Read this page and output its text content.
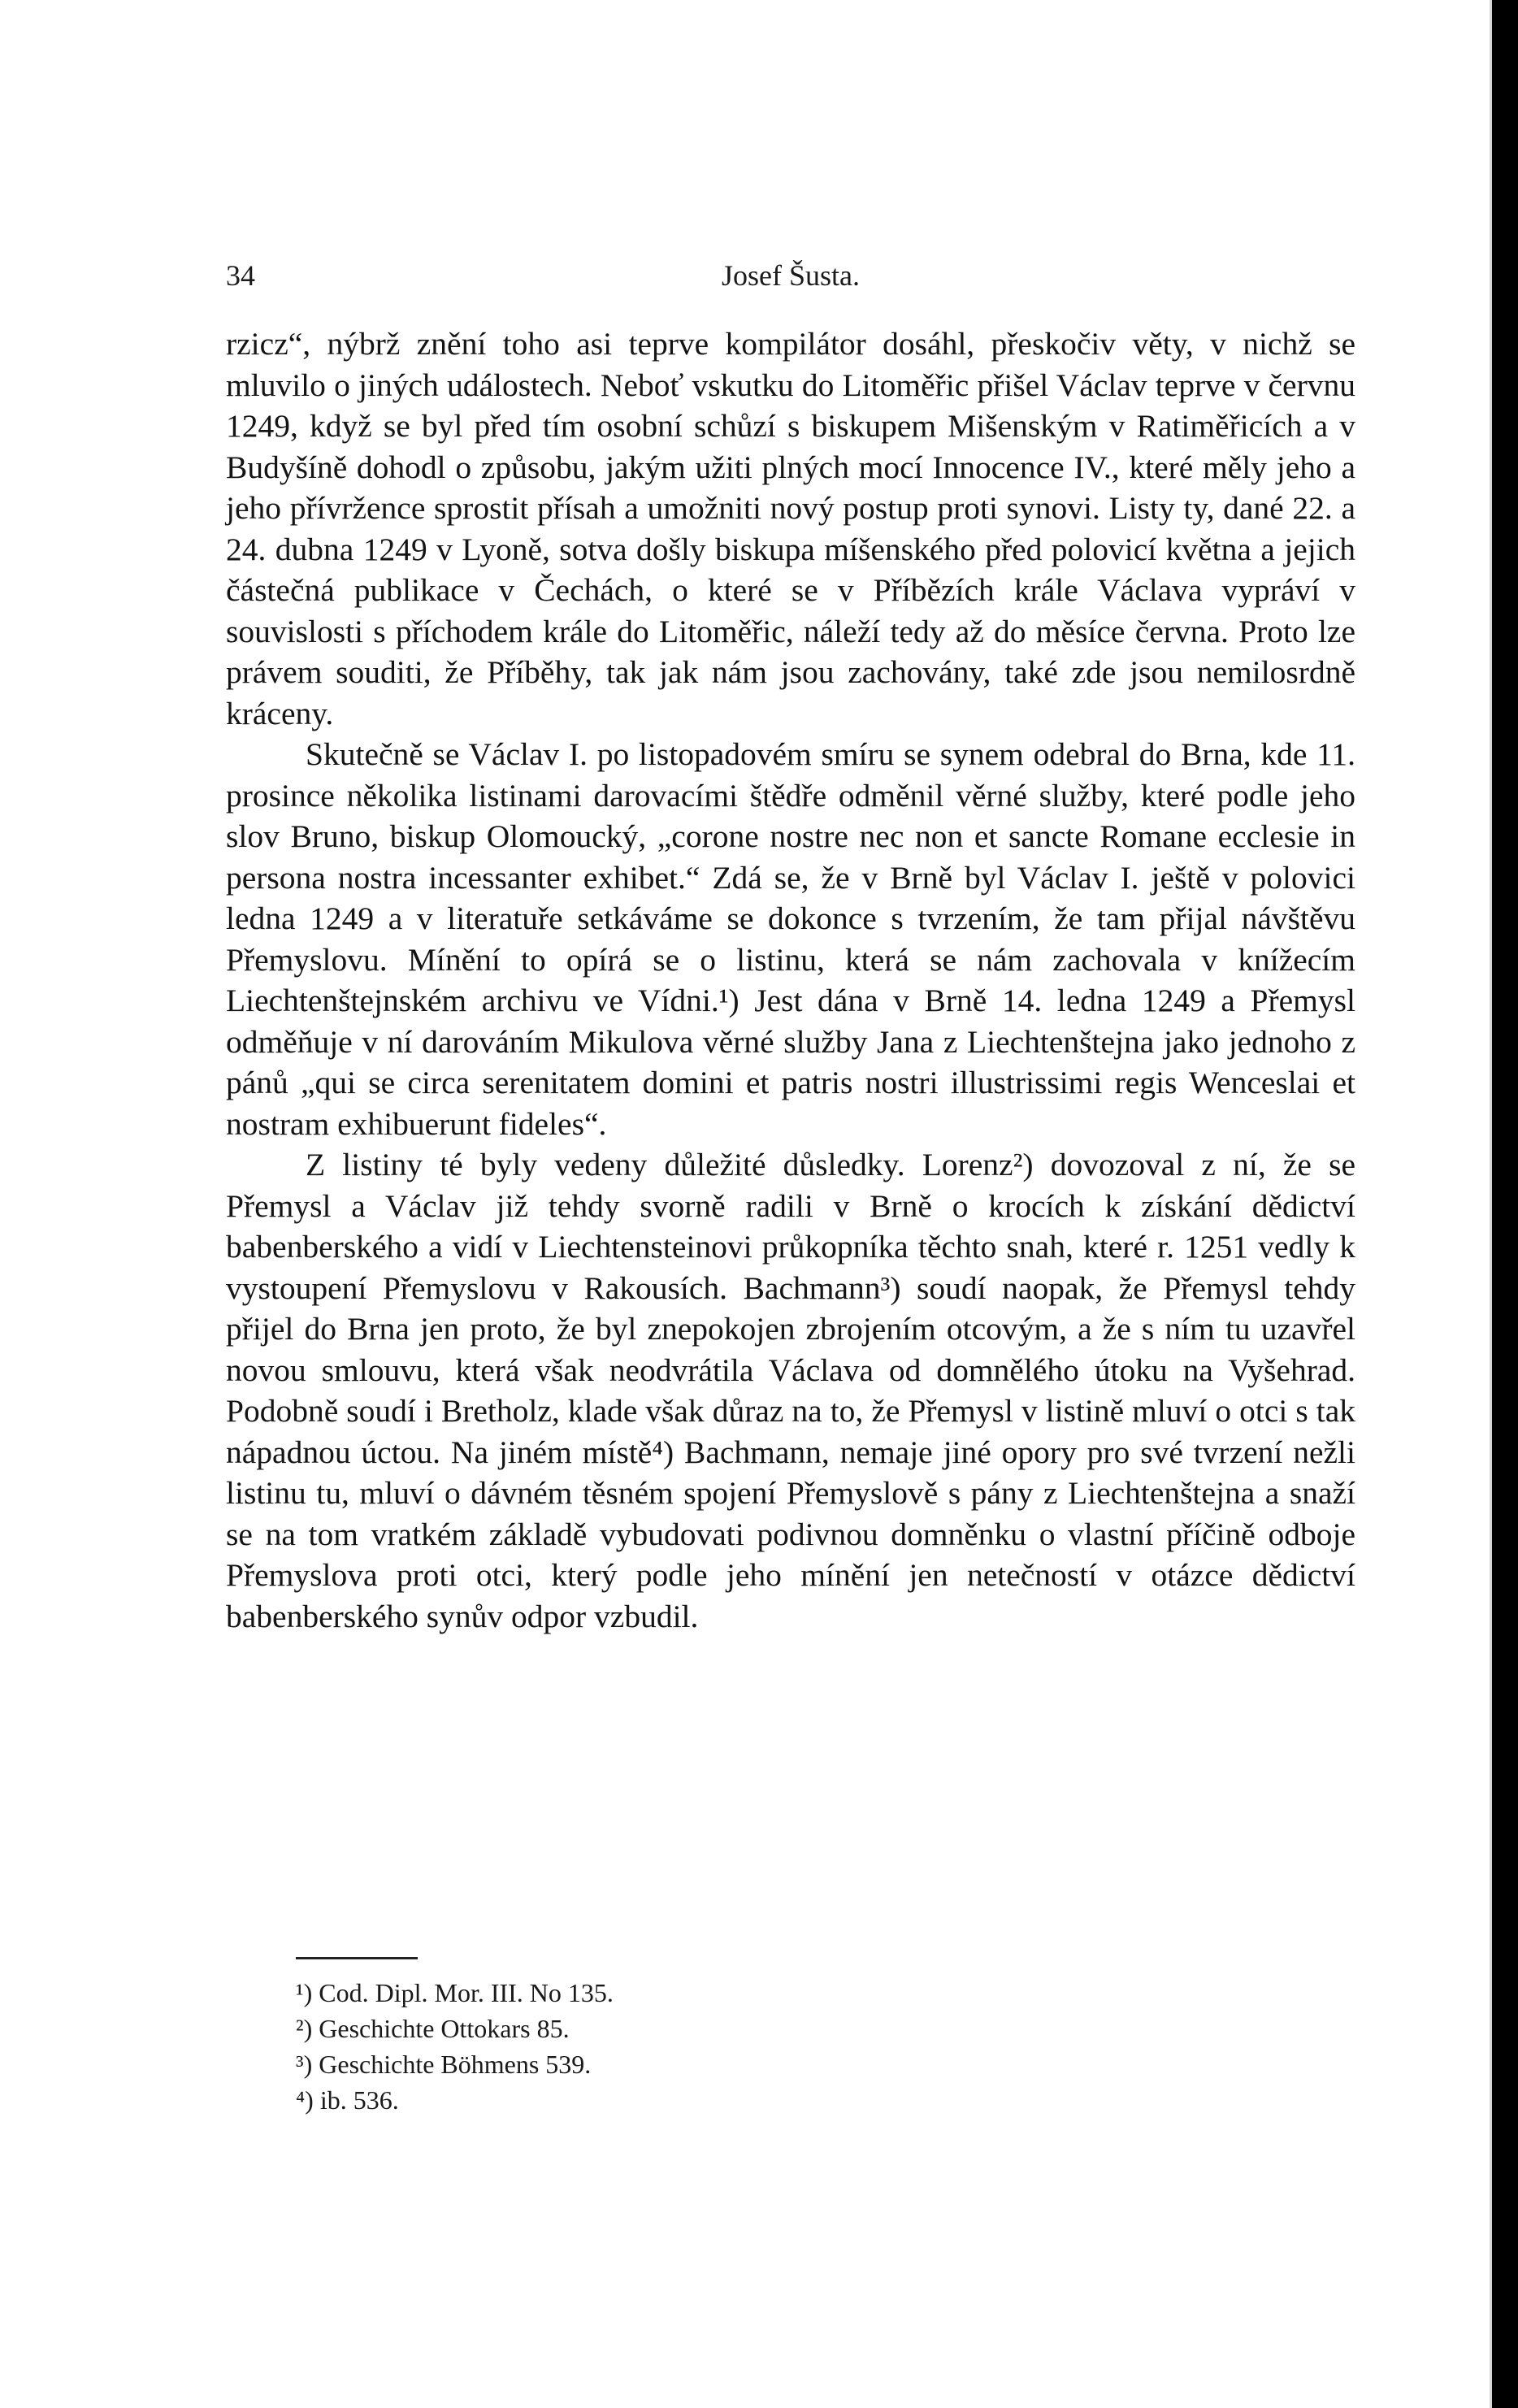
34	Josef Šusta.

rzicz“, nýbrž znění toho asi teprve kompilátor dosáhl, přeskočiv věty, v nichž se mluvilo o jiných událostech. Neboť vskutku do Litoměřic přišel Václav teprve v červnu 1249, když se byl před tím osobní schůzí s biskupem Mišenským v Ratiměřicích a v Budyšíně dohodl o způsobu, jakým užiti plných mocí Innocence IV., které měly jeho a jeho přívržence sprostit přísah a umožniti nový postup proti synovi. Listy ty, dané 22. a 24. dubna 1249 v Lyoně, sotva došly biskupa míšenského před polovicí května a jejich částečná publikace v Čechách, o které se v Příbězích krále Václava vypráví v souvislosti s příchodem krále do Litoměřic, náleží tedy až do měsíce června. Proto lze právem souditi, že Příběhy, tak jak nám jsou zachovány, také zde jsou nemilosrdně kráceny.

Skutečně se Václav I. po listopadovém smíru se synem odebral do Brna, kde 11. prosince několika listinami darovacími štědře odměnil věrné služby, které podle jeho slov Bruno, biskup Olomoucký, „corone nostre nec non et sancte Romane ecclesie in persona nostra incessanter exhibet.“ Zdá se, že v Brně byl Václav I. ještě v polovici ledna 1249 a v literatuře setkáváme se dokonce s tvrzením, že tam přijal návštěvu Přemyslovu. Mínění to opírá se o listinu, která se nám zachovala v knížecím Liechtenštejnském archivu ve Vídni.¹) Jest dána v Brně 14. ledna 1249 a Přemysl odměňuje v ní darováním Mikulova věrné služby Jana z Liechtenštejna jako jednoho z pánů „qui se circa serenitatem domini et patris nostri illustrissimi regis Wenceslai et nostram exhibuerunt fideles“.

Z listiny té byly vedeny důležité důsledky. Lorenz²) dovozoval z ní, že se Přemysl a Václav již tehdy svorně radili v Brně o krocích k získání dědictví babenberského a vidí v Liechtensteinovi průkopníka těchto snah, které r. 1251 vedly k vystoupení Přemyslovu v Rakousích. Bachmann³) soudí naopak, že Přemysl tehdy přijel do Brna jen proto, že byl znepokojen zbrojením otcovým, a že s ním tu uzavřel novou smlouvu, která však neodvrátila Václava od domnělého útoku na Vyšehrad. Podobně soudí i Bretholz, klade však důraz na to, že Přemysl v listině mluví o otci s tak nápadnou úctou. Na jiném místě⁴) Bachmann, nemaje jiné opory pro své tvrzení nežli listinu tu, mluví o dávném těsném spojení Přemyslově s pány z Liechtenštejna a snaží se na tom vratkém základě vybudovati podivnou domněnku o vlastní příčině odboje Přemyslova proti otci, který podle jeho mínění jen netečností v otázce dědictví babenberského synův odpor vzbudil.

¹) Cod. Dipl. Mor. III. No 135.
²) Geschichte Ottokars 85.
³) Geschichte Böhmens 539.
⁴) ib. 536.
